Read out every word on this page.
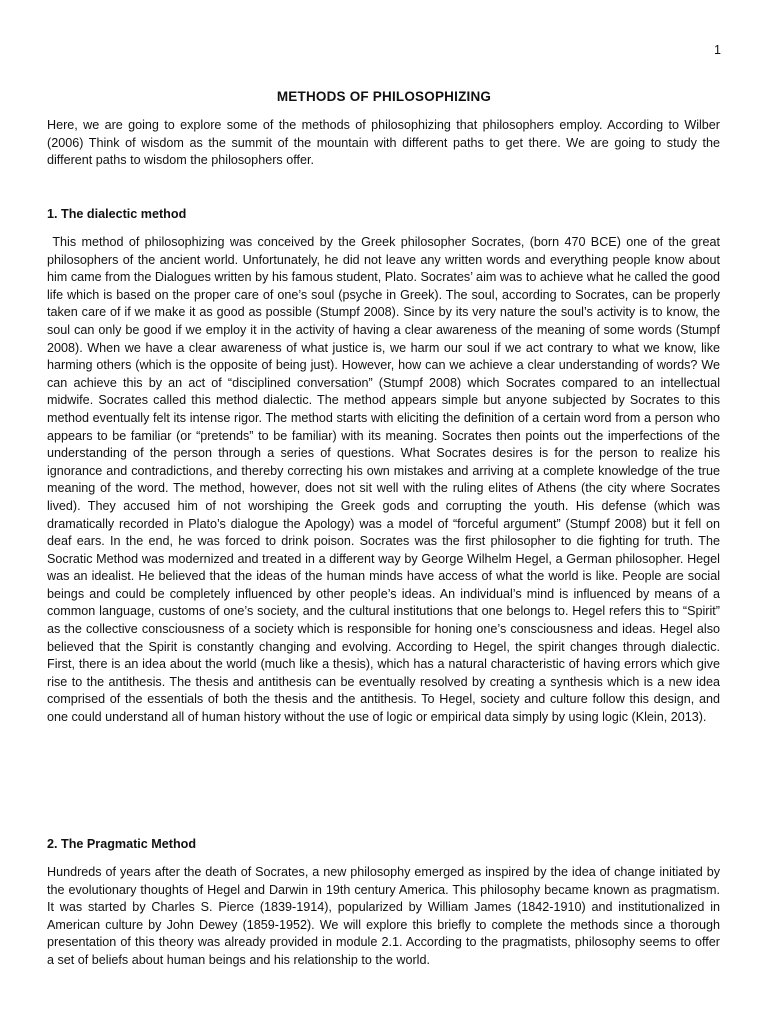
1
METHODS OF PHILOSOPHIZING

Here, we are going to explore some of the methods of philosophizing that philosophers employ. According to Wilber (2006) Think of wisdom as the summit of the mountain with different paths to get there. We are going to study the different paths to wisdom the philosophers offer.

1. The dialectic method

This method of philosophizing was conceived by the Greek philosopher Socrates, (born 470 BCE) one of the great philosophers of the ancient world. Unfortunately, he did not leave any written words and everything people know about him came from the Dialogues written by his famous student, Plato. Socrates’ aim was to achieve what he called the good life which is based on the proper care of one’s soul (psyche in Greek). The soul, according to Socrates, can be properly taken care of if we make it as good as possible (Stumpf 2008). Since by its very nature the soul’s activity is to know, the soul can only be good if we employ it in the activity of having a clear awareness of the meaning of some words (Stumpf 2008). When we have a clear awareness of what justice is, we harm our soul if we act contrary to what we know, like harming others (which is the opposite of being just). However, how can we achieve a clear understanding of words? We can achieve this by an act of “disciplined conversation” (Stumpf 2008) which Socrates compared to an intellectual midwife. Socrates called this method dialectic. The method appears simple but anyone subjected by Socrates to this method eventually felt its intense rigor. The method starts with eliciting the definition of a certain word from a person who appears to be familiar (or “pretends” to be familiar) with its meaning. Socrates then points out the imperfections of the understanding of the person through a series of questions. What Socrates desires is for the person to realize his ignorance and contradictions, and thereby correcting his own mistakes and arriving at a complete knowledge of the true meaning of the word. The method, however, does not sit well with the ruling elites of Athens (the city where Socrates lived). They accused him of not worshiping the Greek gods and corrupting the youth. His defense (which was dramatically recorded in Plato’s dialogue the Apology) was a model of “forceful argument” (Stumpf 2008) but it fell on deaf ears. In the end, he was forced to drink poison. Socrates was the first philosopher to die fighting for truth. The Socratic Method was modernized and treated in a different way by George Wilhelm Hegel, a German philosopher. Hegel was an idealist. He believed that the ideas of the human minds have access of what the world is like. People are social beings and could be completely influenced by other people’s ideas. An individual’s mind is influenced by means of a common language, customs of one’s society, and the cultural institutions that one belongs to. Hegel refers this to “Spirit” as the collective consciousness of a society which is responsible for honing one’s consciousness and ideas. Hegel also believed that the Spirit is constantly changing and evolving. According to Hegel, the spirit changes through dialectic. First, there is an idea about the world (much like a thesis), which has a natural characteristic of having errors which give rise to the antithesis. The thesis and antithesis can be eventually resolved by creating a synthesis which is a new idea comprised of the essentials of both the thesis and the antithesis. To Hegel, society and culture follow this design, and one could understand all of human history without the use of logic or empirical data simply by using logic (Klein, 2013).

2. The Pragmatic Method

Hundreds of years after the death of Socrates, a new philosophy emerged as inspired by the idea of change initiated by the evolutionary thoughts of Hegel and Darwin in 19th century America. This philosophy became known as pragmatism. It was started by Charles S. Pierce (1839-1914), popularized by William James (1842-1910) and institutionalized in American culture by John Dewey (1859-1952). We will explore this briefly to complete the methods since a thorough presentation of this theory was already provided in module 2.1. According to the pragmatists, philosophy seems to offer a set of beliefs about human beings and his relationship to the world.
